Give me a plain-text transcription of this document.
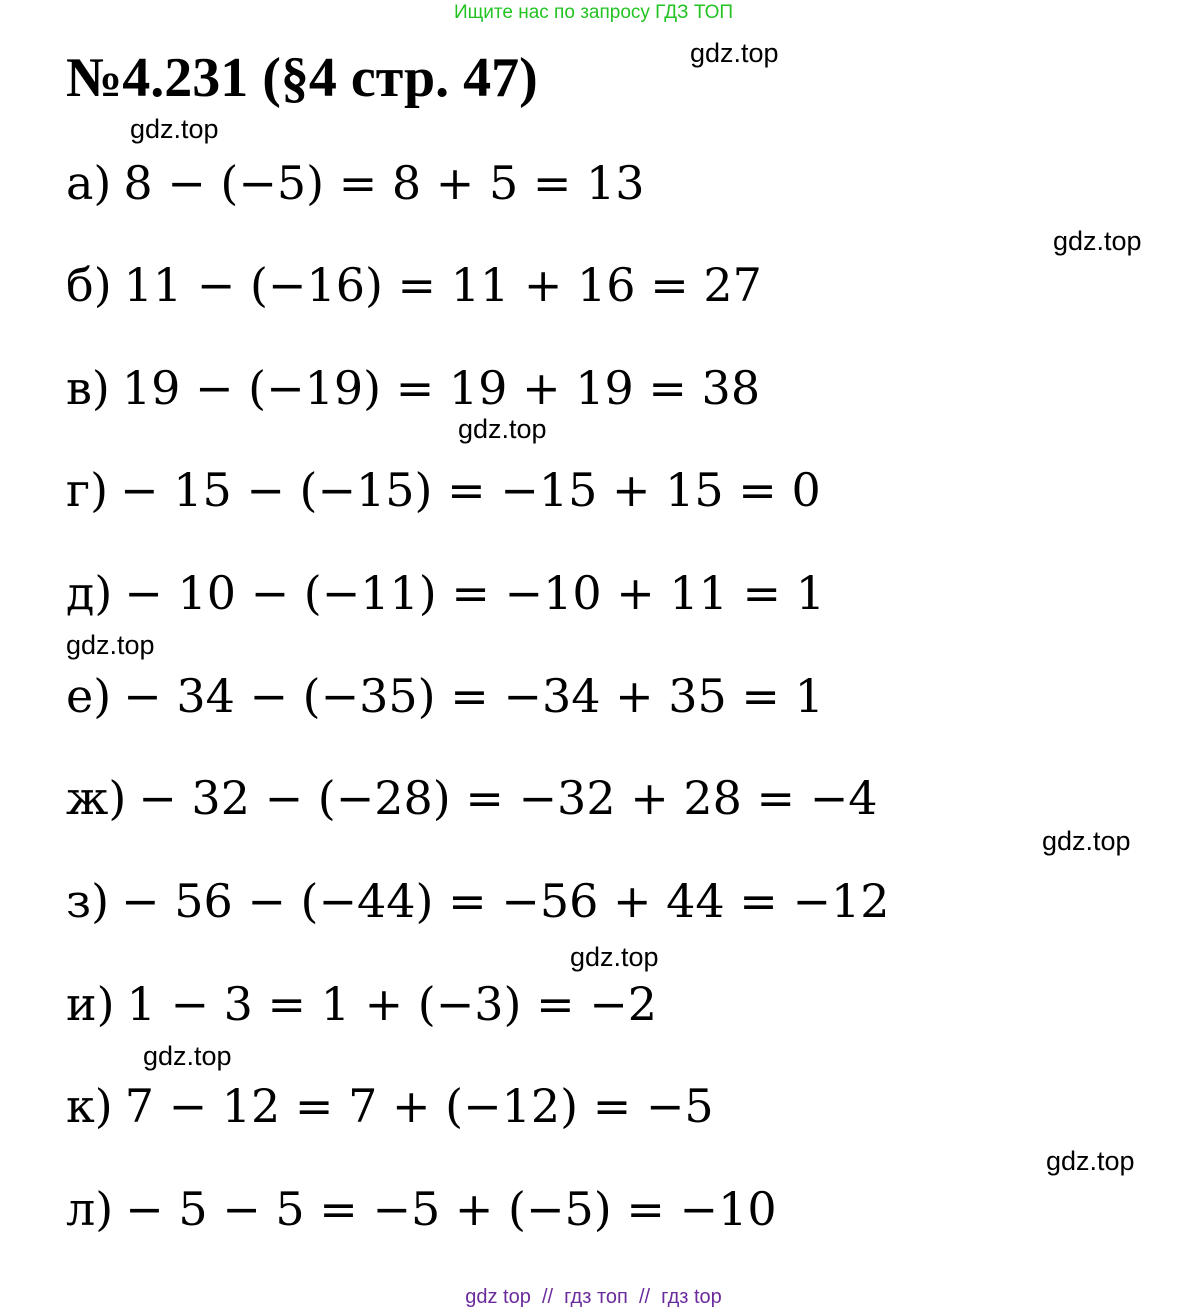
Ищите нас по запросу ГДЗ ТОП
№4.231 (§4 стр. 47)	gdz.top
gdz.top
gdz.top
gdz.top
gdz.top
gdz.top
gdz.top
gdz.top
gdz.top
а) 8 − (−5) = 8 + 5 = 13
б) 11 − (−16) = 11 + 16 = 27
в) 19 − (−19) = 19 + 19 = 38
г) − 15 − (−15) = −15 + 15 = 0
д) − 10 − (−11) = −10 + 11 = 1
е) − 34 − (−35) = −34 + 35 = 1
ж) − 32 − (−28) = −32 + 28 = −4
з) − 56 − (−44) = −56 + 44 = −12
и) 1 − 3 = 1 + (−3) = −2
к) 7 − 12 = 7 + (−12) = −5
л) − 5 − 5 = −5 + (−5) = −10
gdz top  //  гдз топ  //  гдз top
